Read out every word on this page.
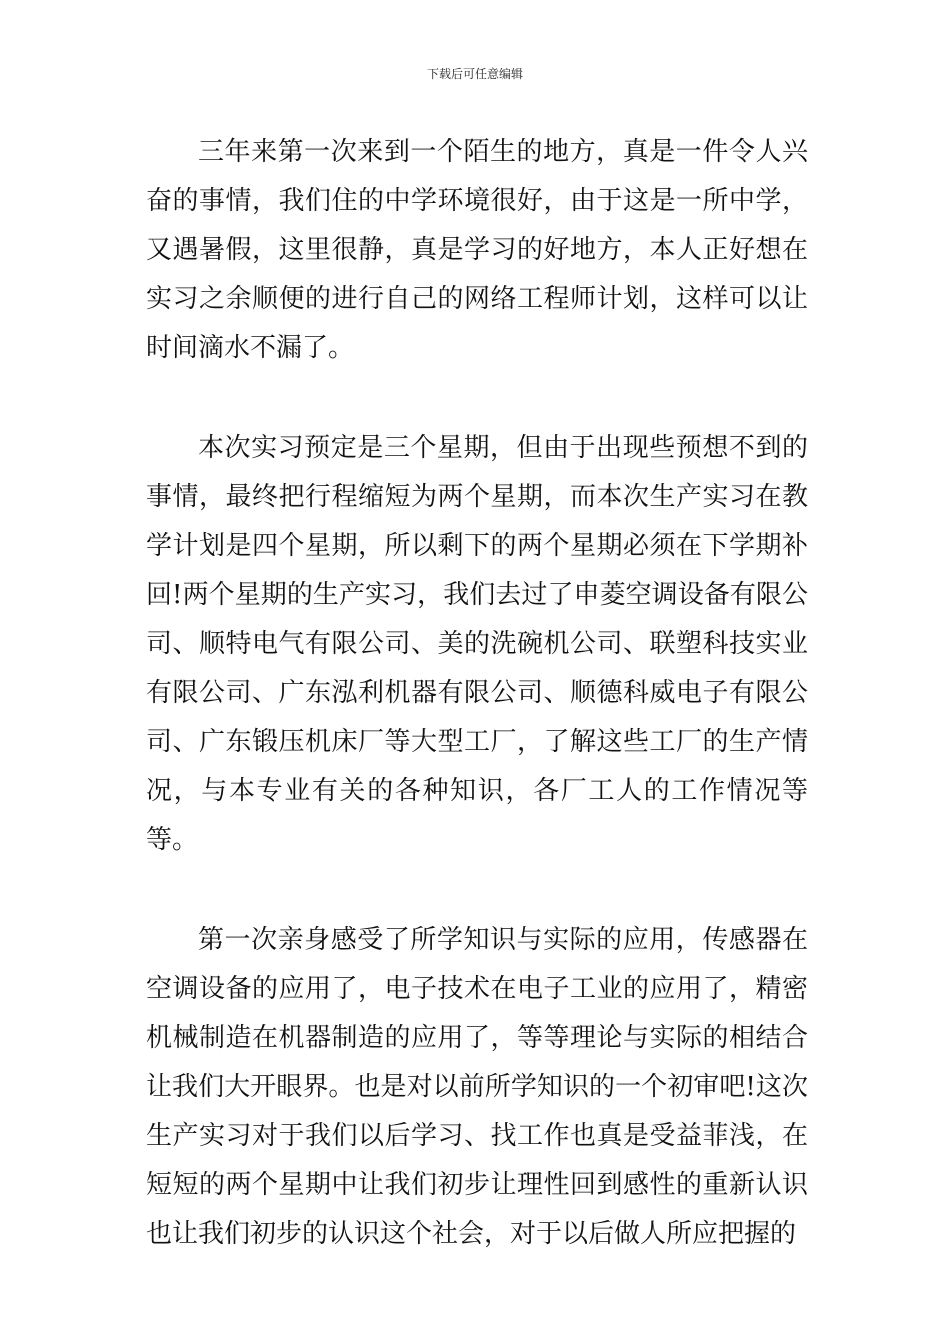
下载后可任意编辑

三年来第一次来到一个陌生的地方，真是一件令人兴奋的事情，我们住的中学环境很好，由于这是一所中学，又遇暑假，这里很静，真是学习的好地方，本人正好想在实习之余顺便的进行自己的网络工程师计划，这样可以让时间滴水不漏了。

本次实习预定是三个星期，但由于出现些预想不到的事情，最终把行程缩短为两个星期，而本次生产实习在教学计划是四个星期，所以剩下的两个星期必须在下学期补回!两个星期的生产实习，我们去过了申菱空调设备有限公司、顺特电气有限公司、美的洗碗机公司、联塑科技实业有限公司、广东泓利机器有限公司、顺德科威电子有限公司、广东锻压机床厂等大型工厂，了解这些工厂的生产情况，与本专业有关的各种知识，各厂工人的工作情况等等。

第一次亲身感受了所学知识与实际的应用，传感器在空调设备的应用了，电子技术在电子工业的应用了，精密机械制造在机器制造的应用了，等等理论与实际的相结合让我们大开眼界。也是对以前所学知识的一个初审吧!这次生产实习对于我们以后学习、找工作也真是受益菲浅，在短短的两个星期中让我们初步让理性回到感性的重新认识也让我们初步的认识这个社会，对于以后做人所应把握的
